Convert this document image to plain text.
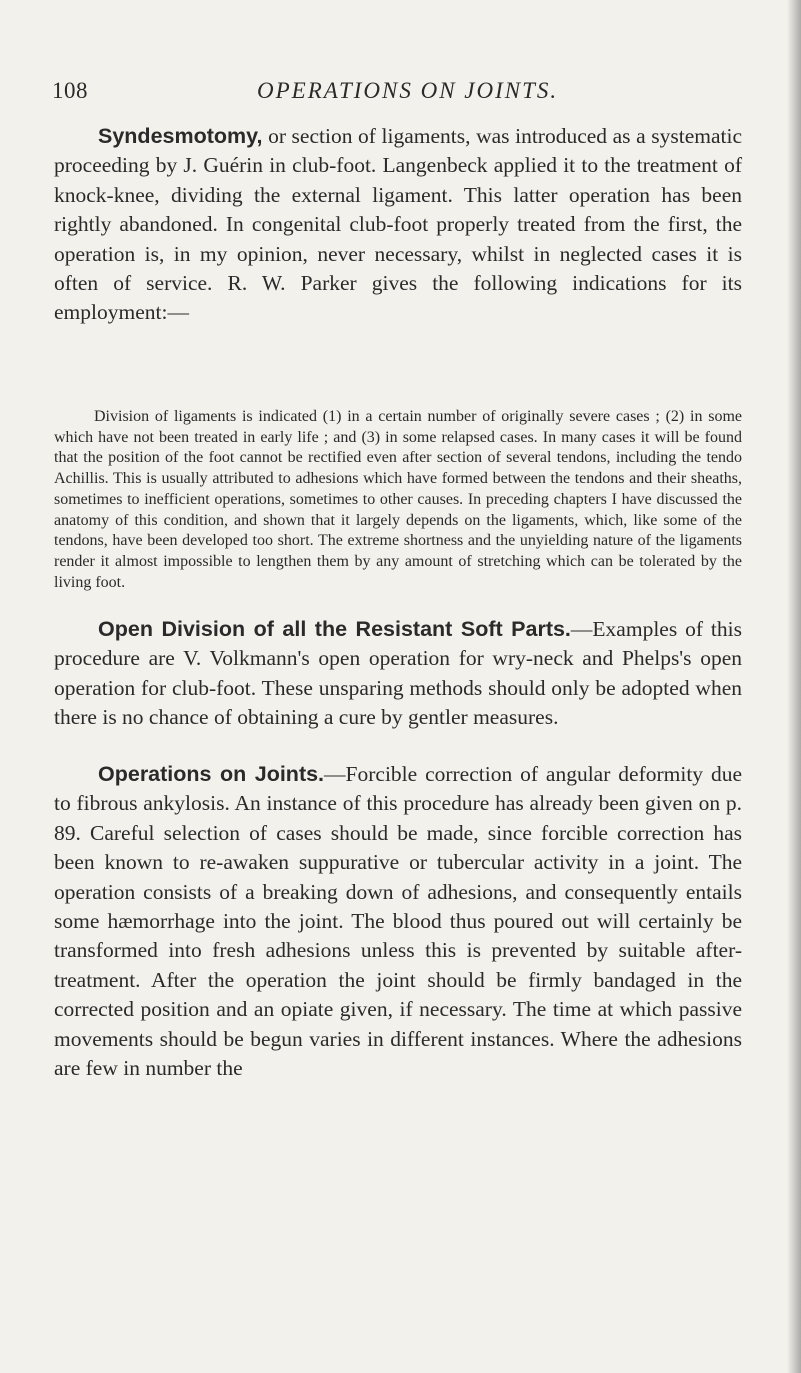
108	OPERATIONS ON JOINTS.

Syndesmotomy, or section of ligaments, was introduced as a systematic proceeding by J. Guérin in club-foot. Langenbeck applied it to the treatment of knock-knee, dividing the external ligament. This latter operation has been rightly abandoned. In congenital club-foot properly treated from the first, the operation is, in my opinion, never necessary, whilst in neglected cases it is often of service. R. W. Parker gives the following indications for its employment:—

Division of ligaments is indicated (1) in a certain number of originally severe cases ; (2) in some which have not been treated in early life ; and (3) in some relapsed cases. In many cases it will be found that the position of the foot cannot be rectified even after section of several tendons, including the tendo Achillis. This is usually attributed to adhesions which have formed between the tendons and their sheaths, sometimes to inefficient operations, sometimes to other causes. In preceding chapters I have discussed the anatomy of this condition, and shown that it largely depends on the ligaments, which, like some of the tendons, have been developed too short. The extreme shortness and the unyielding nature of the ligaments render it almost impossible to lengthen them by any amount of stretching which can be tolerated by the living foot.

Open Division of all the Resistant Soft Parts.—Examples of this procedure are V. Volkmann's open operation for wry-neck and Phelps's open operation for club-foot. These unsparing methods should only be adopted when there is no chance of obtaining a cure by gentler measures.

Operations on Joints.—Forcible correction of angular deformity due to fibrous ankylosis. An instance of this procedure has already been given on p. 89. Careful selection of cases should be made, since forcible correction has been known to re-awaken suppurative or tubercular activity in a joint. The operation consists of a breaking down of adhesions, and consequently entails some hæmorrhage into the joint. The blood thus poured out will certainly be transformed into fresh adhesions unless this is prevented by suitable after-treatment. After the operation the joint should be firmly bandaged in the corrected position and an opiate given, if necessary. The time at which passive movements should be begun varies in different instances. Where the adhesions are few in number the
